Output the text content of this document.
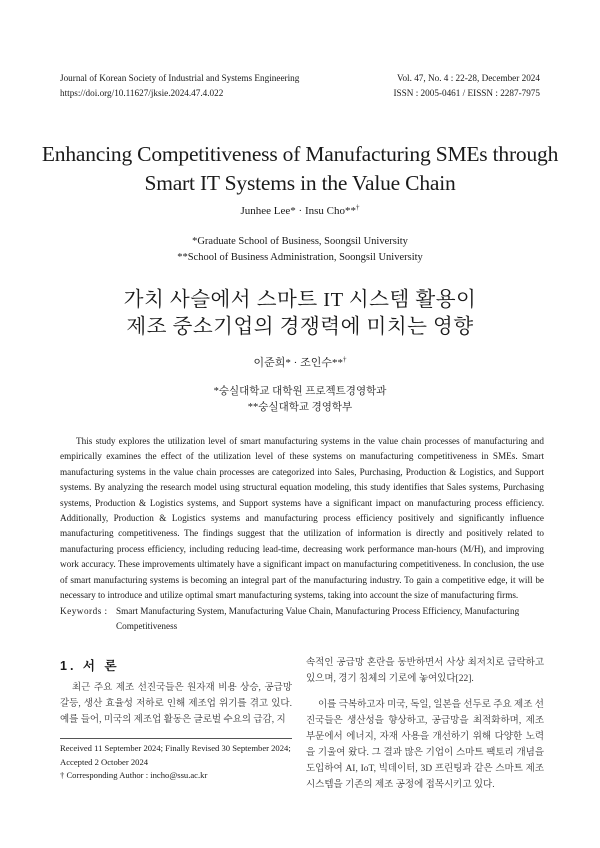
Journal of Korean Society of Industrial and Systems Engineering
https://doi.org/10.11627/jksie.2024.47.4.022
Vol. 47, No. 4 : 22-28, December 2024
ISSN : 2005-0461 / EISSN : 2287-7975
Enhancing Competitiveness of Manufacturing SMEs through
Smart IT Systems in the Value Chain
Junhee Lee* · Insu Cho**†
*Graduate School of Business, Soongsil University
**School of Business Administration, Soongsil University
가치 사슬에서 스마트 IT 시스템 활용이
제조 중소기업의 경쟁력에 미치는 영향
이준희* · 조인수**†
*숭실대학교 대학원 프로젝트경영학과
**숭실대학교 경영학부

This study explores the utilization level of smart manufacturing systems in the value chain processes of manufacturing and empirically examines the effect of the utilization level of these systems on manufacturing competitiveness in SMEs. Smart manufacturing systems in the value chain processes are categorized into Sales, Purchasing, Production & Logistics, and Support systems. By analyzing the research model using structural equation modeling, this study identifies that Sales systems, Purchasing systems, Production & Logistics systems, and Support systems have a significant impact on manufacturing process efficiency. Additionally, Production & Logistics systems and manufacturing process efficiency positively and significantly influence manufacturing competitiveness. The findings suggest that the utilization of information is directly and positively related to manufacturing process efficiency, including reducing lead-time, decreasing work performance man-hours (M/H), and improving work accuracy. These improvements ultimately have a significant impact on manufacturing competitiveness. In conclusion, the use of smart manufacturing systems is becoming an integral part of the manufacturing industry. To gain a competitive edge, it will be necessary to introduce and utilize optimal smart manufacturing systems, taking into account the size of manufacturing firms.

Keywords : Smart Manufacturing System, Manufacturing Value Chain, Manufacturing Process Efficiency, Manufacturing Competitiveness
1. 서 론

최근 주요 제조 선진국들은 원자재 비용 상승, 공급망 갈등, 생산 효율성 저하로 인해 제조업 위기를 겪고 있다. 예를 들어, 미국의 제조업 활동은 글로벌 수요의 급감, 지

속적인 공급망 혼란을 동반하면서 사상 최저치로 급락하고 있으며, 경기 침체의 기로에 놓여있다[22].

이를 극복하고자 미국, 독일, 일본을 선두로 주요 제조 선진국들은 생산성을 향상하고, 공급망을 최적화하며, 제조 부문에서 에너지, 자재 사용을 개선하기 위해 다양한 노력을 기울여 왔다. 그 결과 많은 기업이 스마트 팩토리 개념을 도입하여 AI, IoT, 빅데이터, 3D 프린팅과 같은 스마트 제조 시스템을 기존의 제조 공정에 접목시키고 있다.

Received 11 September 2024; Finally Revised 30 September 2024; Accepted 2 October 2024
† Corresponding Author : incho@ssu.ac.kr
